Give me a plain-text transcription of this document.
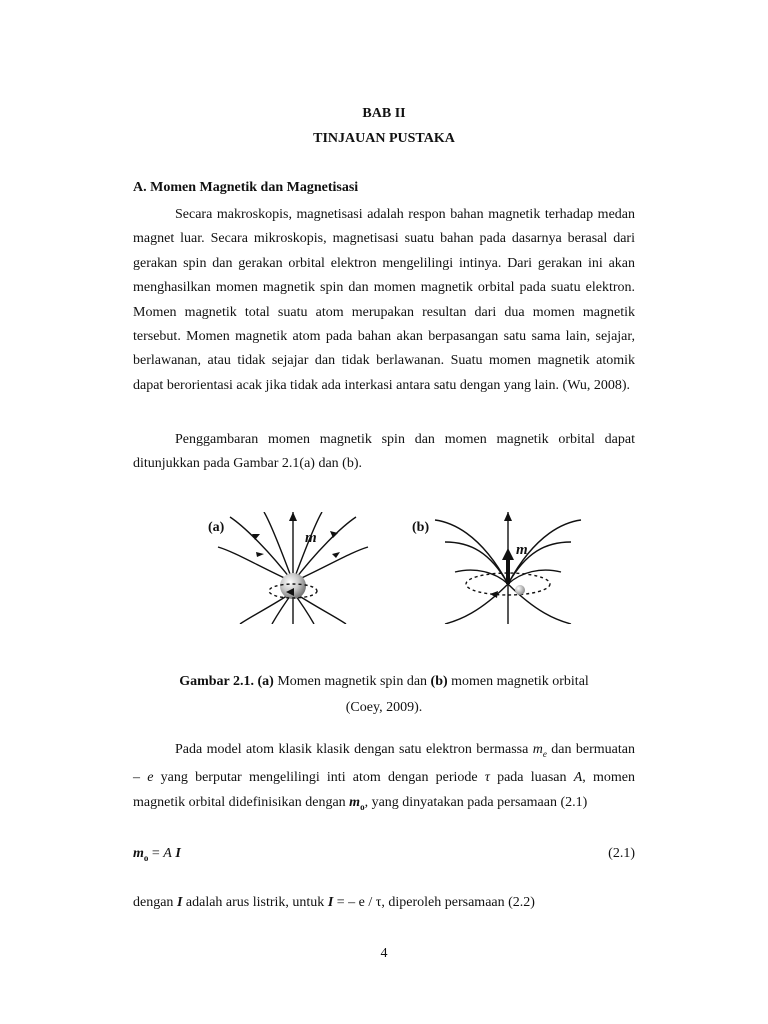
BAB II
TINJAUAN PUSTAKA
A. Momen Magnetik dan Magnetisasi

Secara makroskopis, magnetisasi adalah respon bahan magnetik terhadap medan magnet luar. Secara mikroskopis, magnetisasi suatu bahan pada dasarnya berasal dari gerakan spin dan gerakan orbital elektron mengelilingi intinya. Dari gerakan ini akan menghasilkan momen magnetik spin dan momen magnetik orbital pada suatu elektron. Momen magnetik total suatu atom merupakan resultan dari dua momen magnetik tersebut. Momen magnetik atom pada bahan akan berpasangan satu sama lain, sejajar, berlawanan, atau tidak sejajar dan tidak berlawanan. Suatu momen magnetik atomik dapat berorientasi acak jika tidak ada interkasi antara satu dengan yang lain. (Wu, 2008).

Penggambaran momen magnetik spin dan momen magnetik orbital dapat ditunjukkan pada Gambar 2.1(a) dan (b).

(a)	(b)
m
m
Gambar 2.1. (a) Momen magnetik spin dan (b) momen magnetik orbital
(Coey, 2009).

Pada model atom klasik klasik dengan satu elektron bermassa $m_e$ dan bermuatan – e yang berputar mengelilingi inti atom dengan periode τ pada luasan A, momen magnetik orbital didefinisikan dengan $m_o$, yang dinyatakan pada persamaan (2.1)

$m_o = A$ I	(2.1)
dengan I adalah arus listrik, untuk I = – e / τ, diperoleh persamaan (2.2)
4
